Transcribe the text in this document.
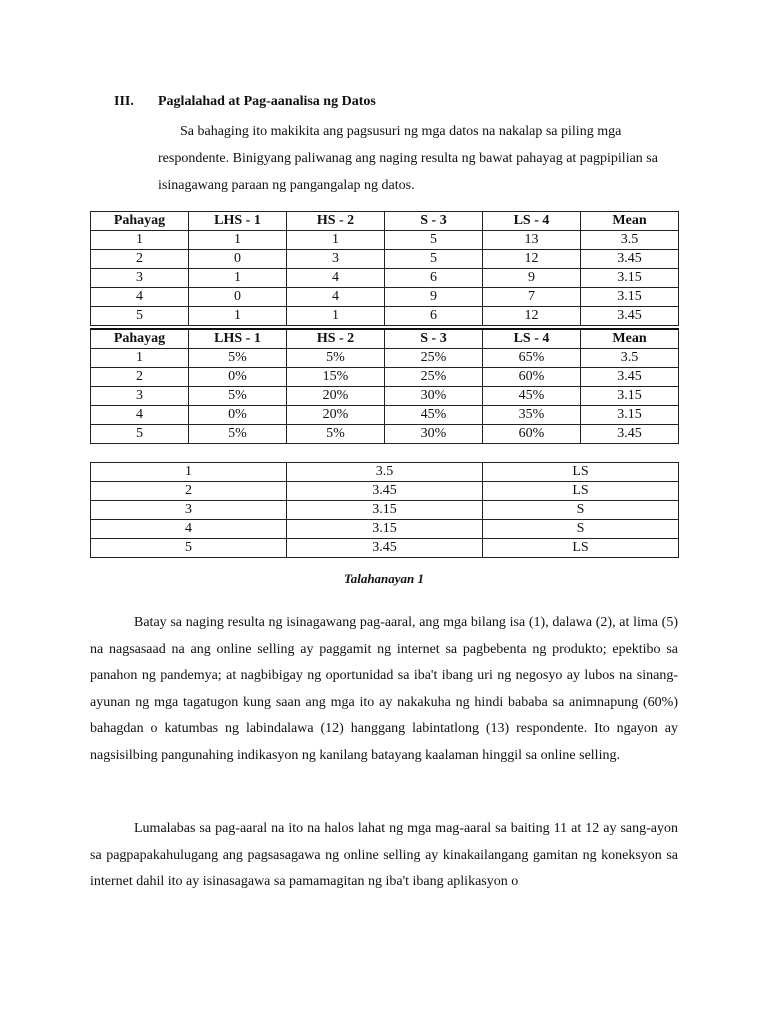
III.	Paglalahad at Pag-aanalisa ng Datos

Sa bahaging ito makikita ang pagsusuri ng mga datos na nakalap sa piling mga respondente. Binigyang paliwanag ang naging resulta ng bawat pahayag at pagpipilian sa isinagawang paraan ng pangangalap ng datos.

Pahayag	LHS - 1	HS - 2	S - 3	LS - 4	Mean
1	1	1	5	13	3.5
2	0	3	5	12	3.45
3	1	4	6	9	3.15
4	0	4	9	7	3.15
5	1	1	6	12	3.45
Pahayag	LHS - 1	HS - 2	S - 3	LS - 4	Mean
1	5%	5%	25%	65%	3.5
2	0%	15%	25%	60%	3.45
3	5%	20%	30%	45%	3.15
4	0%	20%	45%	35%	3.15
5	5%	5%	30%	60%	3.45
1	3.5	LS
2	3.45	LS
3	3.15	S
4	3.15	S
5	3.45	LS
Talahanayan 1

Batay sa naging resulta ng isinagawang pag-aaral, ang mga bilang isa (1), dalawa (2), at lima (5) na nagsasaad na ang online selling ay paggamit ng internet sa pagbebenta ng produkto; epektibo sa panahon ng pandemya; at nagbibigay ng oportunidad sa iba't ibang uri ng negosyo ay lubos na sinang-ayunan ng mga tagatugon kung saan ang mga ito ay nakakuha ng hindi bababa sa animnapung (60%) bahagdan o katumbas ng labindalawa (12) hanggang labintatlong (13) respondente. Ito ngayon ay nagsisilbing pangunahing indikasyon ng kanilang batayang kaalaman hinggil sa online selling.

Lumalabas sa pag-aaral na ito na halos lahat ng mga mag-aaral sa baiting 11 at 12 ay sang-ayon sa pagpapakahulugang ang pagsasagawa ng online selling ay kinakailangang gamitan ng koneksyon sa internet dahil ito ay isinasagawa sa pamamagitan ng iba't ibang aplikasyon o
